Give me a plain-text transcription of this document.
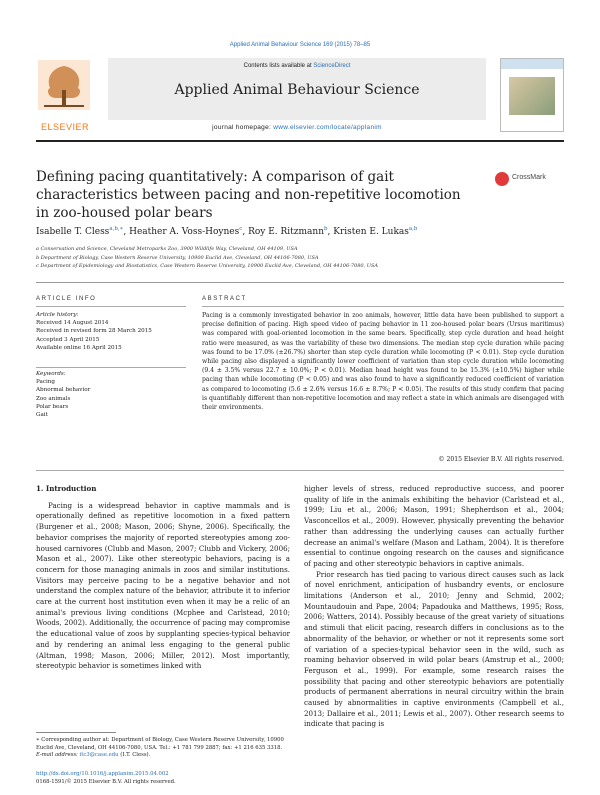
Applied Animal Behaviour Science 169 (2015) 78–85
ELSEVIER
Contents lists available at ScienceDirect
Applied Animal Behaviour Science
journal homepage: www.elsevier.com/locate/applanim
Defining pacing quantitatively: A comparison of gait characteristics between pacing and non-repetitive locomotion in zoo-housed polar bears
CrossMark
Isabelle T. Cless$^{a,b,∗}$, Heather A. Voss-Hoynes$^c$, Roy E. Ritzmann$^b$, Kristen E. Lukas$^{a,b}$
a Conservation and Science, Cleveland Metroparks Zoo, 3900 Wildlife Way, Cleveland, OH 44109, USA
b Department of Biology, Case Western Reserve University, 10900 Euclid Ave, Cleveland, OH 44106-7080, USA
c Department of Epidemiology and Biostatistics, Case Western Reserve University, 10900 Euclid Ave, Cleveland, OH 44106-7080, USA
ARTICLE INFO
Article history:
Received 14 August 2014
Received in revised form 28 March 2015
Accepted 3 April 2015
Available online 16 April 2015
Keywords:
Pacing
Abnormal behavior
Zoo animals
Polar bears
Gait
ABSTRACT
Pacing is a commonly investigated behavior in zoo animals, however, little data have been published to support a precise definition of pacing. High speed video of pacing behavior in 11 zoo-housed polar bears (Ursus maritimus) was compared with goal-oriented locomotion in the same bears. Specifically, step cycle duration and head height ratio were measured, as was the variability of these two dimensions. The median step cycle duration while pacing was found to be 17.0% (±26.7%) shorter than step cycle duration while locomoting (P < 0.01). Step cycle duration while pacing also displayed a significantly lower coefficient of variation than step cycle duration while locomoting (9.4 ± 3.5% versus 22.7 ± 10.0%; P < 0.01). Median head height was found to be 15.3% (±10.5%) higher while pacing than while locomoting (P < 0.05) and was also found to have a significantly reduced coefficient of variation as compared to locomoting (5.6 ± 2.6% versus 16.6 ± 8.7%; P < 0.05). The results of this study confirm that pacing is quantifiably different than non-repetitive locomotion and may reflect a state in which animals are disengaged with their environments.
© 2015 Elsevier B.V. All rights reserved.
1. Introduction

Pacing is a widespread behavior in captive mammals and is operationally defined as repetitive locomotion in a fixed pattern (Burgener et al., 2008; Mason, 2006; Shyne, 2006). Specifically, the behavior comprises the majority of reported stereotypies among zoo-housed carnivores (Clubb and Mason, 2007; Clubb and Vickery, 2006; Mason et al., 2007). Like other stereotypic behaviors, pacing is a concern for those managing animals in zoos and similar institutions. Visitors may perceive pacing to be a negative behavior and not understand the complex nature of the behavior, attribute it to inferior care at the current host institution even when it may be a relic of an animal's previous living conditions (Mcphee and Carlstead, 2010; Woods, 2002). Additionally, the occurrence of pacing may compromise the educational value of zoos by supplanting species-typical behavior and by rendering an animal less engaging to the general public (Altman, 1998; Mason, 2006; Miller, 2012). Most importantly, stereotypic behavior is sometimes linked with

higher levels of stress, reduced reproductive success, and poorer quality of life in the animals exhibiting the behavior (Carlstead et al., 1999; Liu et al., 2006; Mason, 1991; Shepherdson et al., 2004; Vasconcellos et al., 2009). However, physically preventing the behavior rather than addressing the underlying causes can actually further decrease an animal's welfare (Mason and Latham, 2004). It is therefore essential to continue ongoing research on the causes and significance of pacing and other stereotypic behaviors in captive animals.

Prior research has tied pacing to various direct causes such as lack of novel enrichment, anticipation of husbandry events, or enclosure limitations (Anderson et al., 2010; Jenny and Schmid, 2002; Mountaudouin and Pape, 2004; Papadouka and Matthews, 1995; Ross, 2006; Watters, 2014). Possibly because of the great variety of situations and stimuli that elicit pacing, research differs in conclusions as to the abnormality of the behavior, or whether or not it represents some sort of variation of a species-typical behavior seen in the wild, such as roaming behavior observed in wild polar bears (Amstrup et al., 2000; Ferguson et al., 1999). For example, some research raises the possibility that pacing and other stereotypic behaviors are potentially products of permanent aberrations in neural circuitry within the brain caused by abnormalities in captive environments (Campbell et al., 2013; Dallaire et al., 2011; Lewis et al., 2007). Other research seems to indicate that pacing is

∗ Corresponding author at: Department of Biology, Case Western Reserve University, 10900 Euclid Ave, Cleveland, OH 44106-7080, USA. Tel.: +1 781 799 2887; fax: +1 216 635 3318.
E-mail address: itc3@case.edu (I.T. Cless).
http://dx.doi.org/10.1016/j.applanim.2015.04.002
0168-1591/© 2015 Elsevier B.V. All rights reserved.
